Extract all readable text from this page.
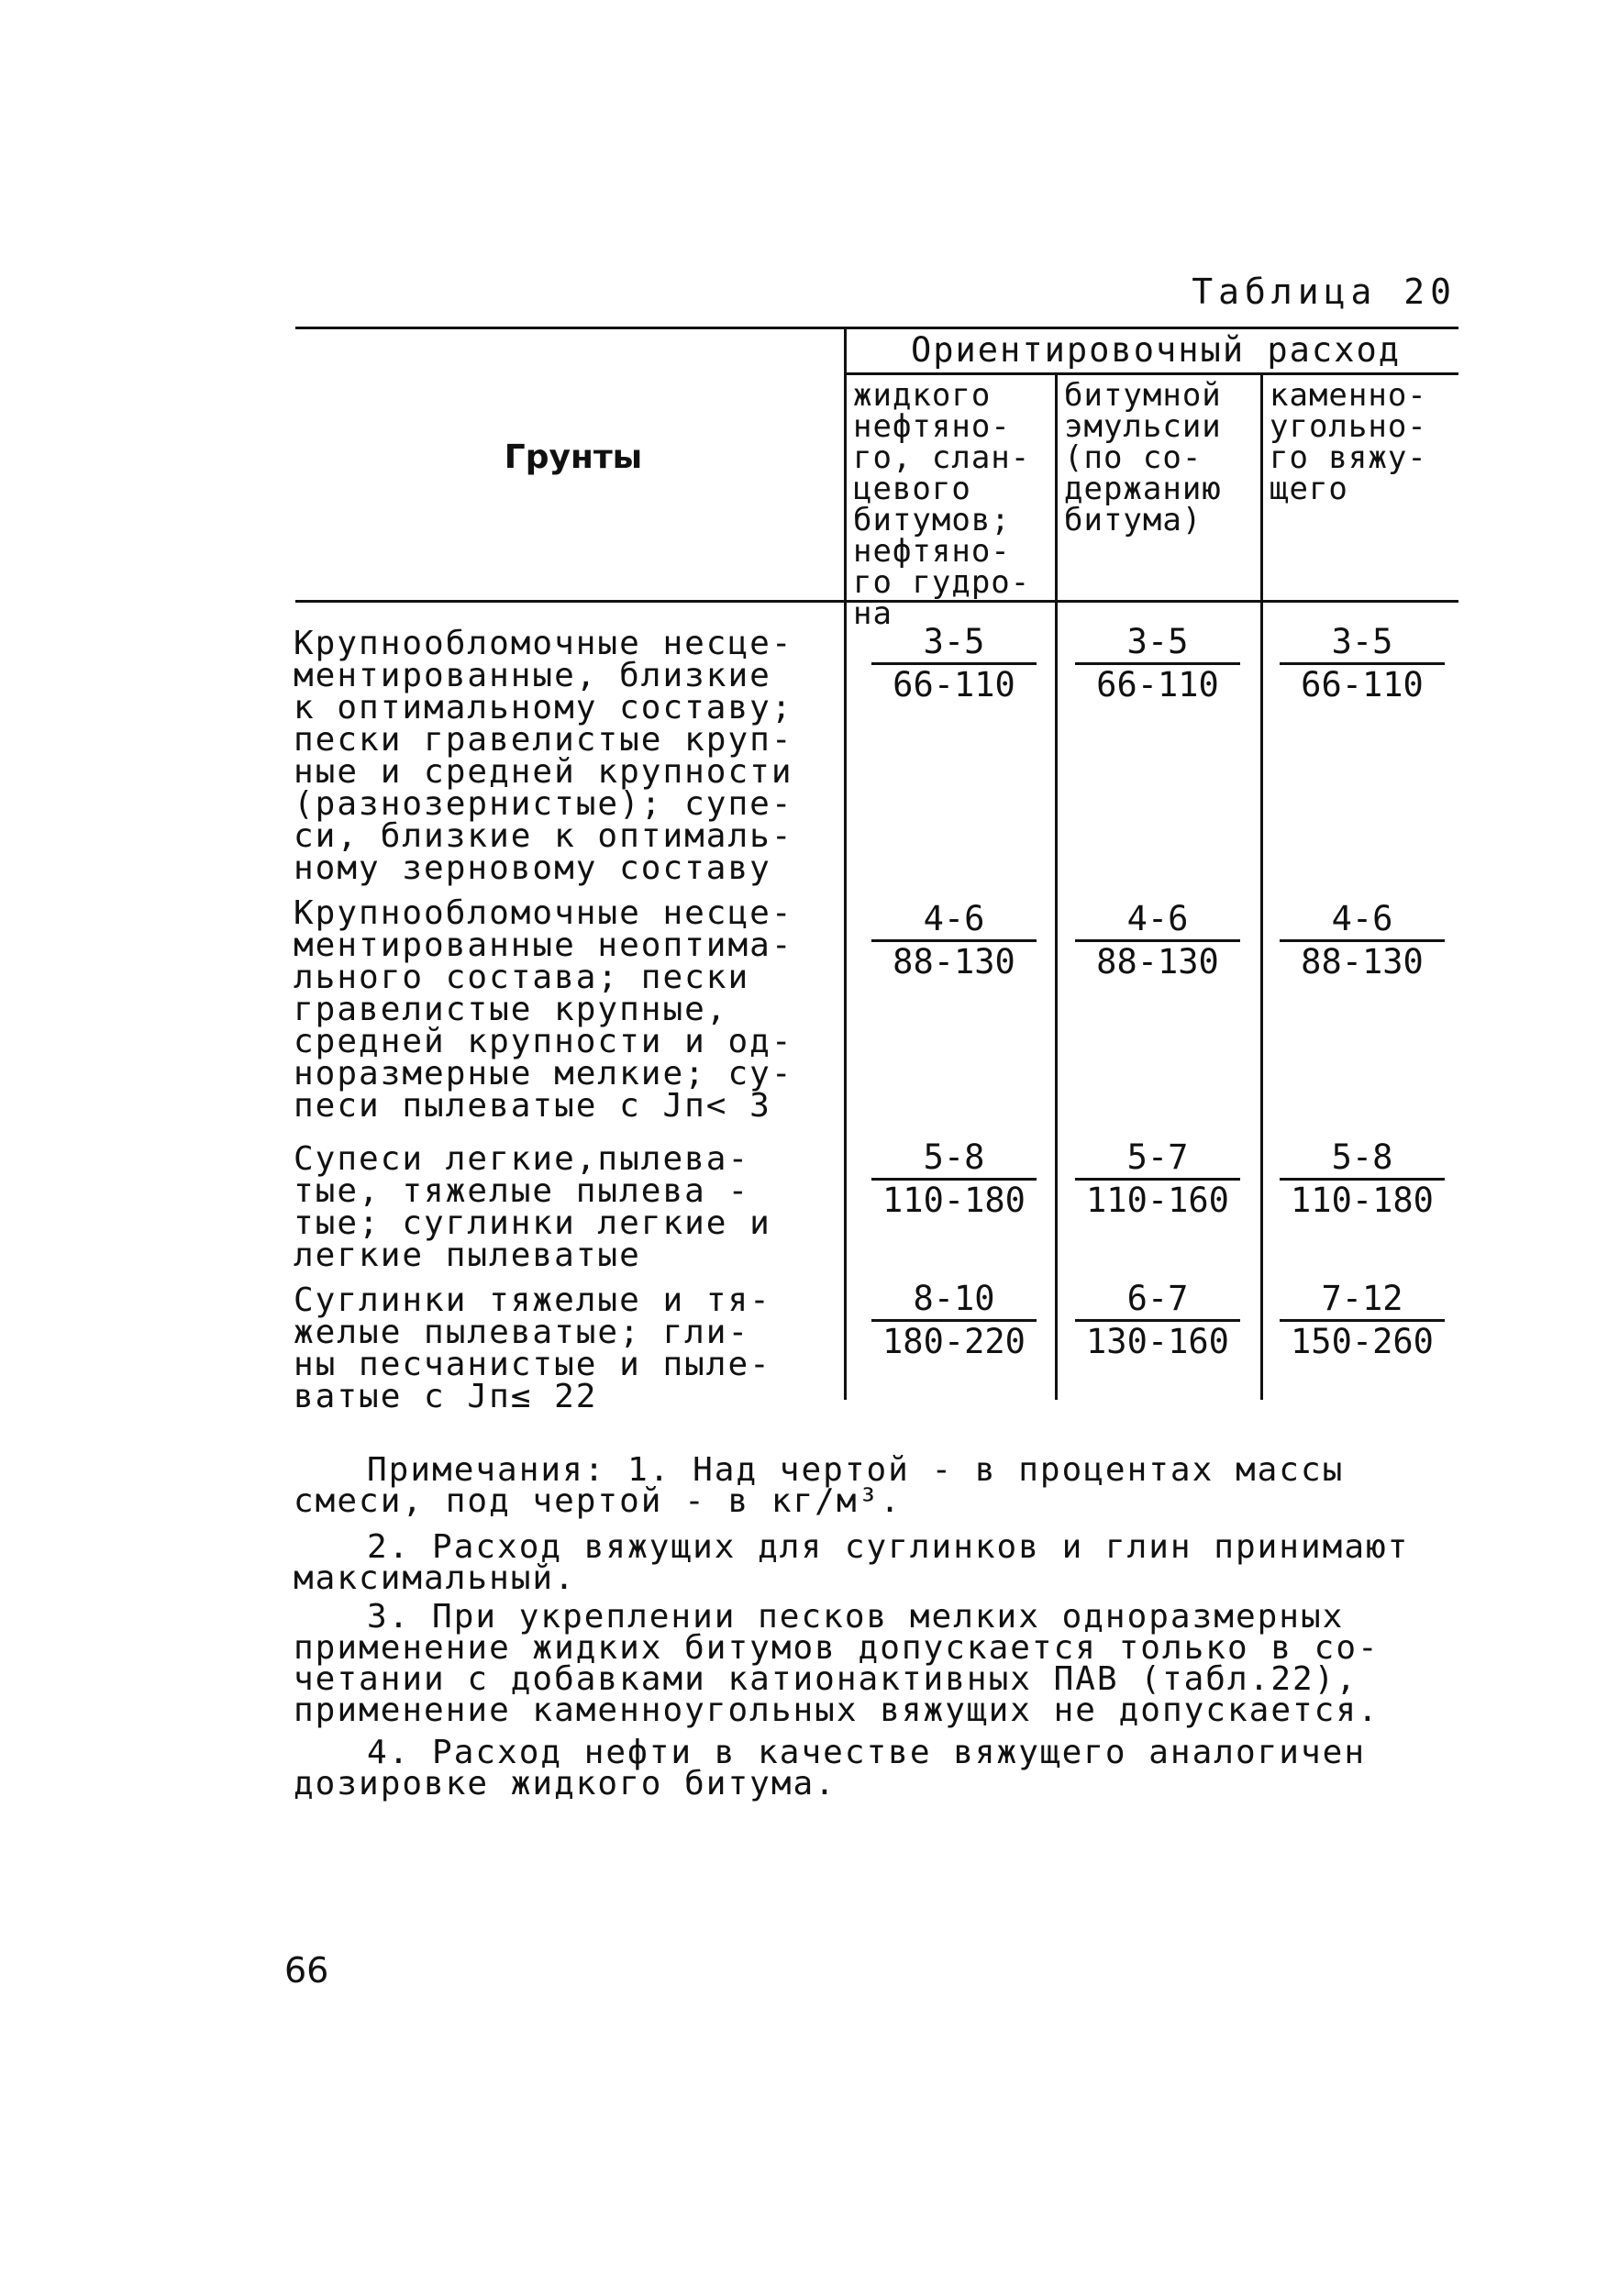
Таблица 20
Грунты
Ориентировочный расход
жидкого
нефтяно-
го, слан-
цевого
битумов;
нефтяно-
го гудро-
на
битумной
эмульсии
(по со-
держанию
битума)
каменно-
угольно-
го вяжу-
щего
Крупнообломочные несце-
ментированные, близкие
к оптимальному составу;
пески гравелистые круп-
ные и средней крупности
(разнозернистые); супе-
си, близкие к оптималь-
ному зерновому составу
3-5
66-110
3-5
66-110
3-5
66-110
Крупнообломочные несце-
ментированные неоптима-
льного состава; пески
гравелистые крупные,
средней крупности и од-
норазмерные мелкие; су-
песи пылеватые с Jп< 3
4-6
88-130
4-6
88-130
4-6
88-130
Супеси легкие,пылева-
тые, тяжелые пылева -
тые; суглинки легкие и
легкие пылеватые
5-8
110-180
5-7
110-160
5-8
110-180
Суглинки тяжелые и тя-
желые пылеватые; гли-
ны песчанистые и пыле-
ватые с Jп≤ 22
8-10
180-220
6-7
130-160
7-12
150-260
Примечания: 1. Над чертой - в процентах массы
смеси, под чертой - в кг/м³.
2. Расход вяжущих для суглинков и глин принимают
максимальный.
3. При укреплении песков мелких одноразмерных
применение жидких битумов допускается только в со-
четании с добавками катионактивных ПАВ (табл.22),
применение каменноугольных вяжущих не допускается.
4. Расход нефти в качестве вяжущего аналогичен
дозировке жидкого битума.
66
